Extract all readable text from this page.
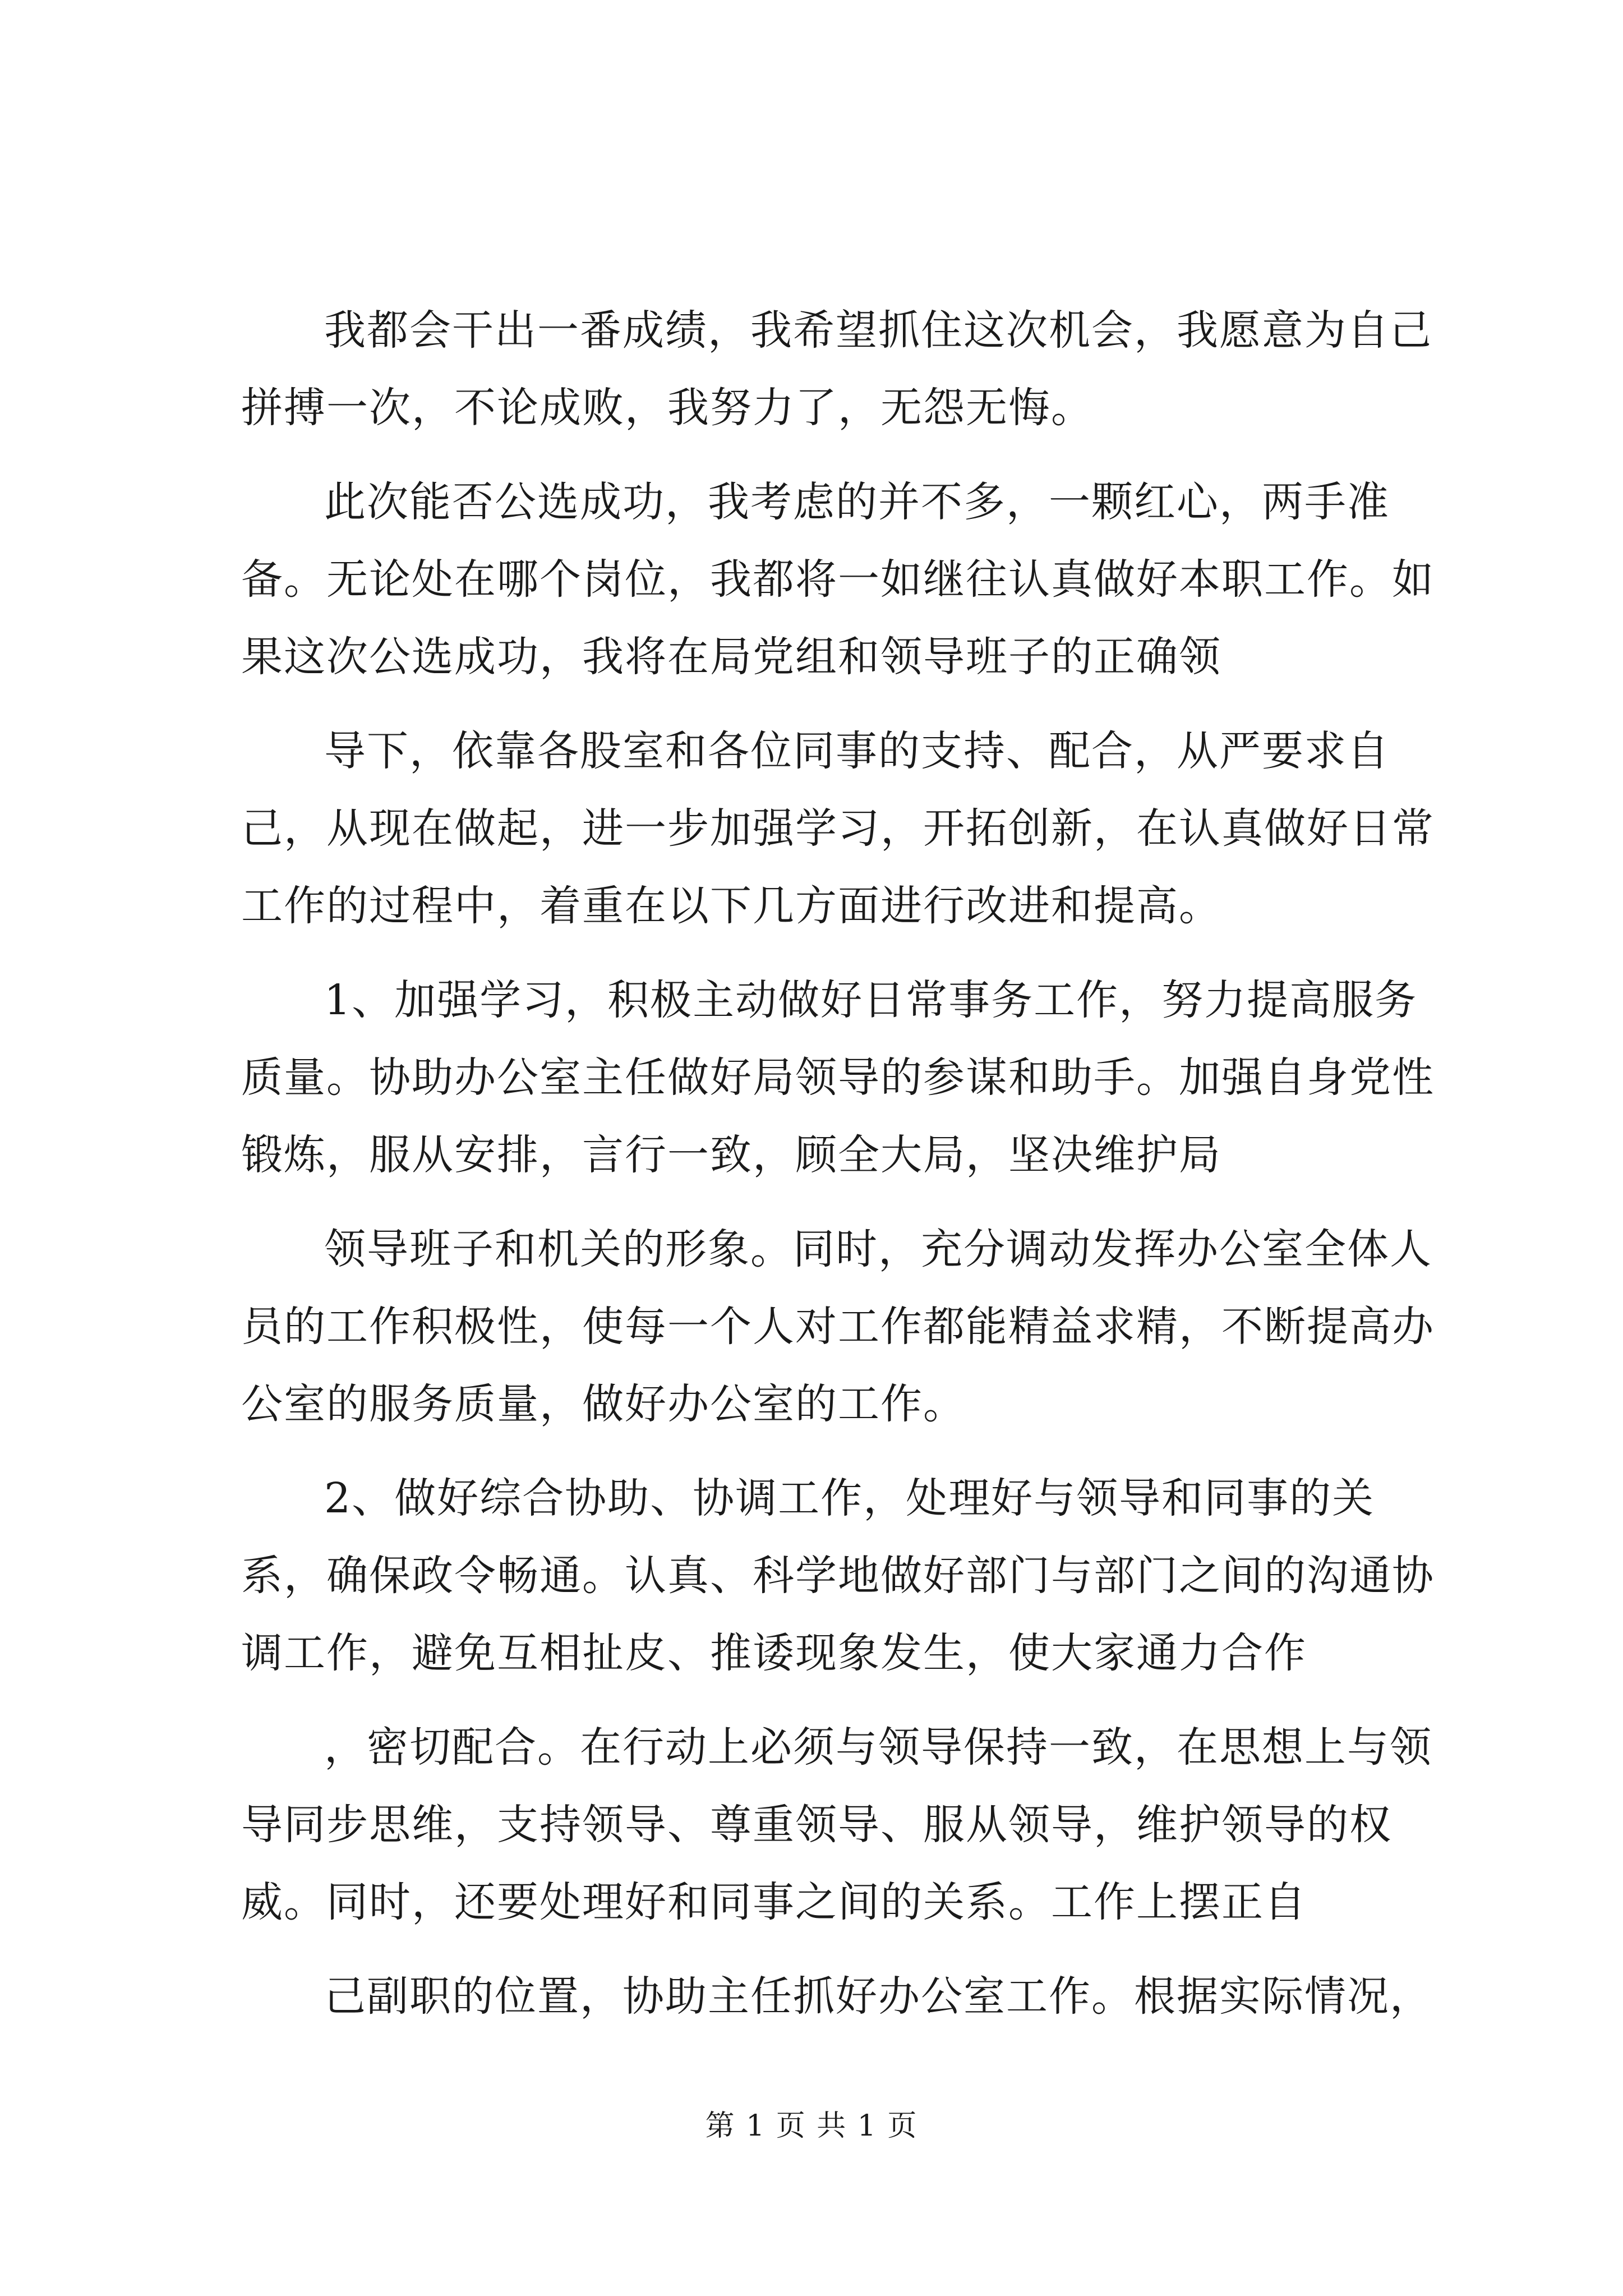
我都会干出一番成绩，我希望抓住这次机会，我愿意为自己拼搏一次，不论成败，我努力了，无怨无悔。

此次能否公选成功，我考虑的并不多，一颗红心，两手准备。无论处在哪个岗位，我都将一如继往认真做好本职工作。如果这次公选成功，我将在局党组和领导班子的正确领

导下，依靠各股室和各位同事的支持、配合，从严要求自己，从现在做起，进一步加强学习，开拓创新，在认真做好日常工作的过程中，着重在以下几方面进行改进和提高。

1、加强学习，积极主动做好日常事务工作，努力提高服务质量。协助办公室主任做好局领导的参谋和助手。加强自身党性锻炼，服从安排，言行一致，顾全大局，坚决维护局

领导班子和机关的形象。同时，充分调动发挥办公室全体人员的工作积极性，使每一个人对工作都能精益求精，不断提高办公室的服务质量，做好办公室的工作。

2、做好综合协助、协调工作，处理好与领导和同事的关系，确保政令畅通。认真、科学地做好部门与部门之间的沟通协调工作，避免互相扯皮、推诿现象发生，使大家通力合作

，密切配合。在行动上必须与领导保持一致，在思想上与领导同步思维，支持领导、尊重领导、服从领导，维护领导的权威。同时，还要处理好和同事之间的关系。工作上摆正自

己副职的位置，协助主任抓好办公室工作。根据实际情况，

第 1 页 共 1 页
